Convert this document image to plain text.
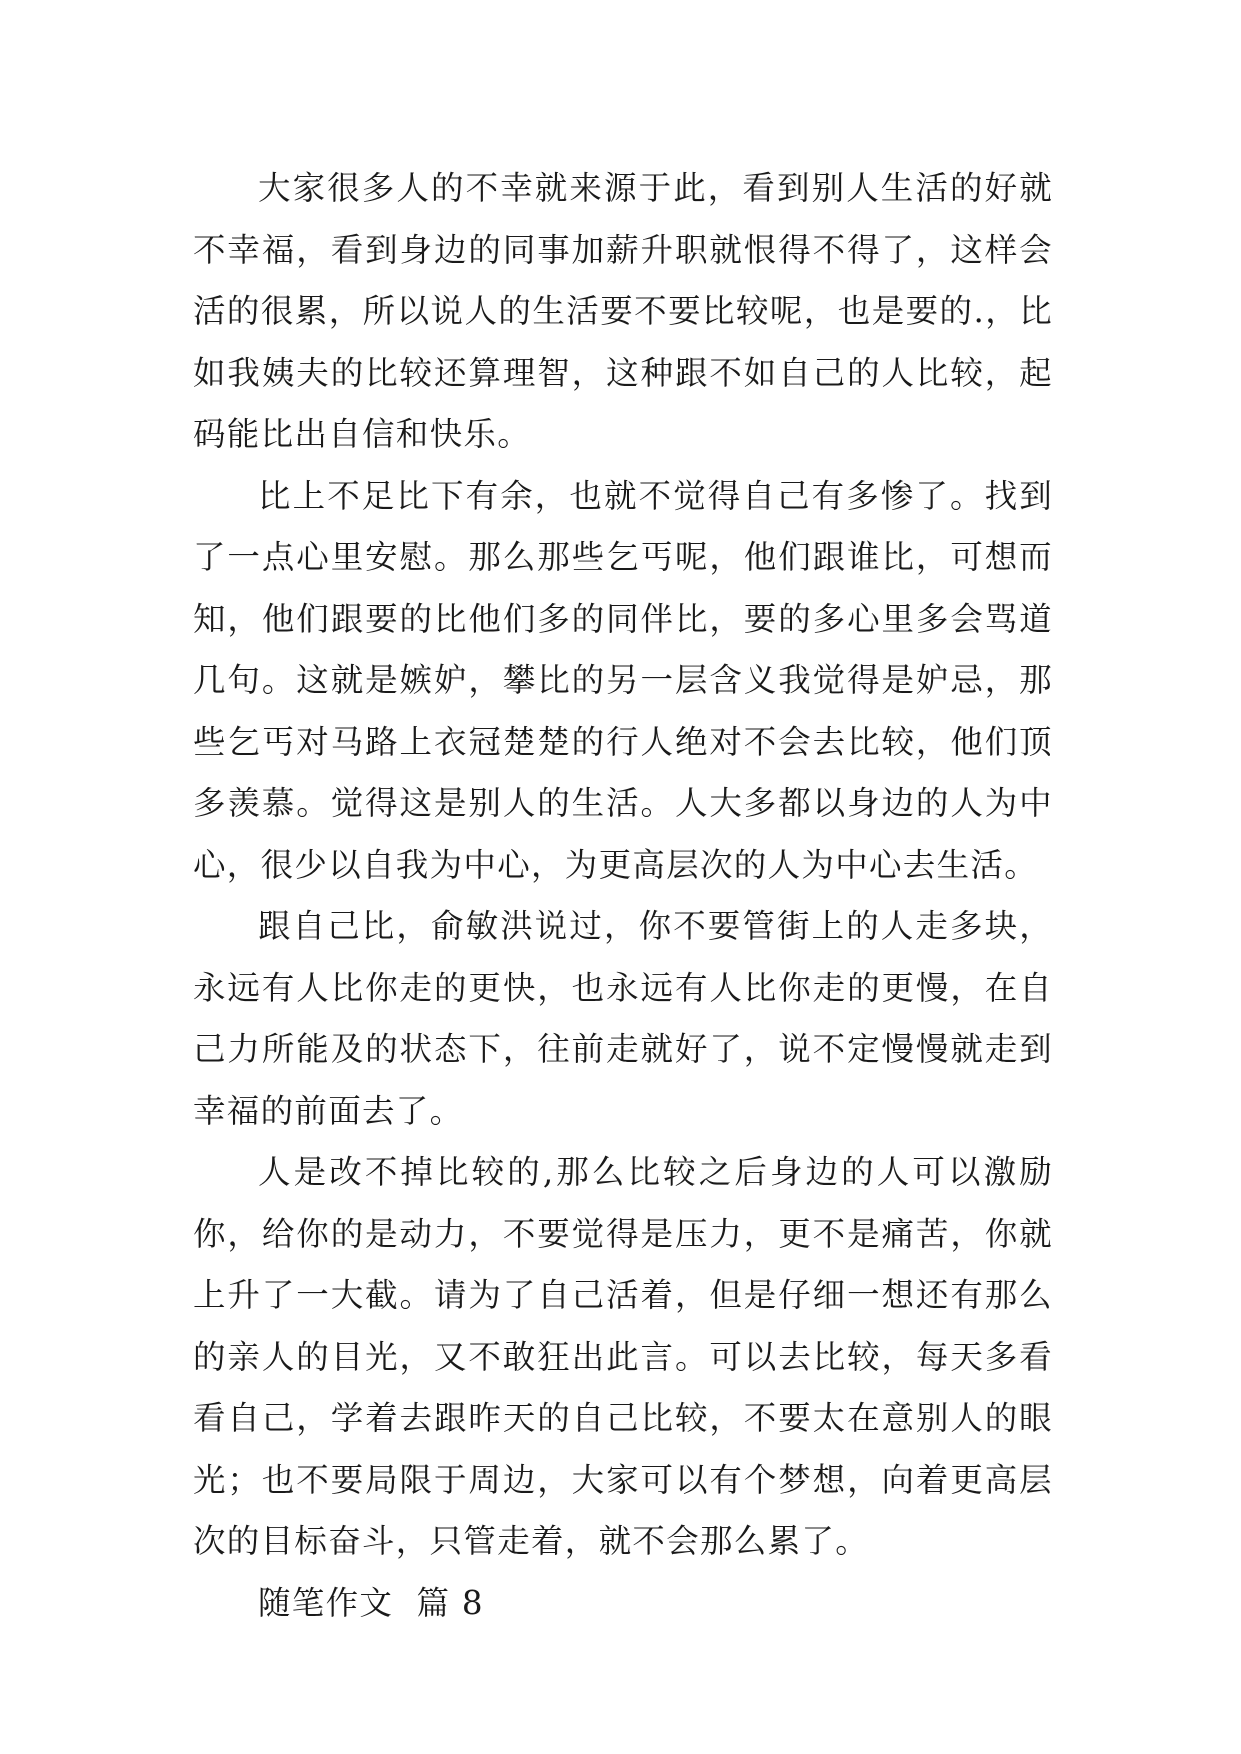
大家很多人的不幸就来源于此，看到别人生活的好就不幸福，看到身边的同事加薪升职就恨得不得了，这样会活的很累，所以说人的生活要不要比较呢，也是要的.，比如我姨夫的比较还算理智，这种跟不如自己的人比较，起码能比出自信和快乐。

比上不足比下有余，也就不觉得自己有多惨了。找到了一点心里安慰。那么那些乞丐呢，他们跟谁比，可想而知，他们跟要的比他们多的同伴比，要的多心里多会骂道几句。这就是嫉妒，攀比的另一层含义我觉得是妒忌，那些乞丐对马路上衣冠楚楚的行人绝对不会去比较，他们顶多羡慕。觉得这是别人的生活。人大多都以身边的人为中心，很少以自我为中心，为更高层次的人为中心去生活。

跟自己比，俞敏洪说过，你不要管街上的人走多块，永远有人比你走的更快，也永远有人比你走的更慢，在自己力所能及的状态下，往前走就好了，说不定慢慢就走到幸福的前面去了。

人是改不掉比较的,那么比较之后身边的人可以激励你，给你的是动力，不要觉得是压力，更不是痛苦，你就上升了一大截。请为了自己活着，但是仔细一想还有那么的亲人的目光，又不敢狂出此言。可以去比较，每天多看看自己，学着去跟昨天的自己比较，不要太在意别人的眼光；也不要局限于周边，大家可以有个梦想，向着更高层次的目标奋斗，只管走着，就不会那么累了。

随笔作文  篇 8
